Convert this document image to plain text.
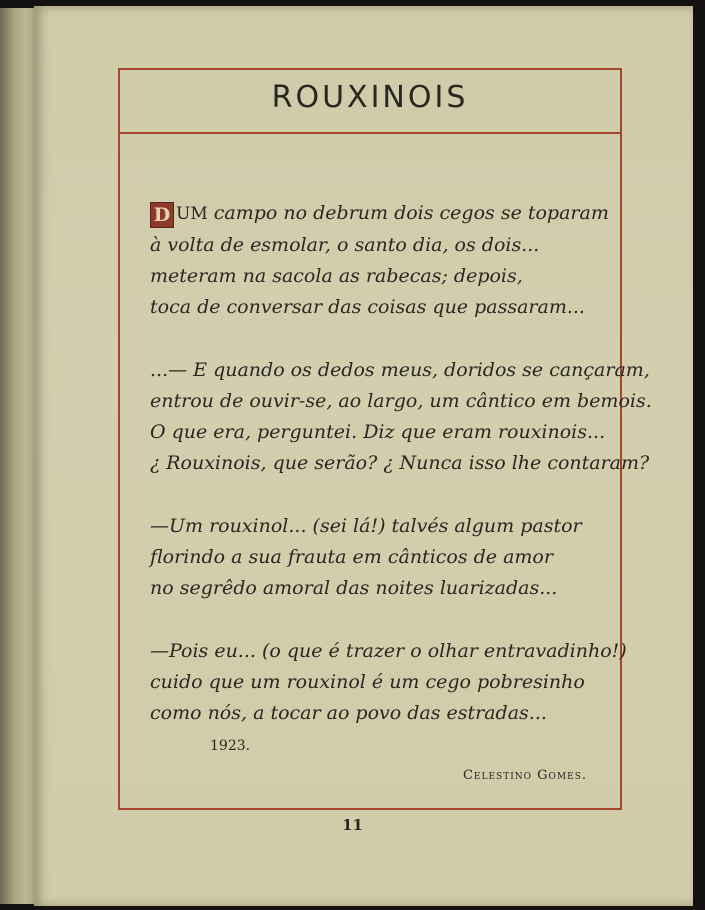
ROUXINOIS
D UM campo no debrum dois cegos se toparam
à volta de esmolar, o santo dia, os dois...
meteram na sacola as rabecas; depois,
toca de conversar das coisas que passaram...
...— E quando os dedos meus, doridos se cançaram,
entrou de ouvir-se, ao largo, um cântico em bemois.
O que era, perguntei. Diz que eram rouxinois...
¿ Rouxinois, que serão? ¿ Nunca isso lhe contaram?
—Um rouxinol... (sei lá!) talvés algum pastor
florindo a sua frauta em cânticos de amor
no segrêdo amoral das noites luarizadas...
—Pois eu... (o que é trazer o olhar entravadinho!)
cuido que um rouxinol é um cego pobresinho
como nós, a tocar ao povo das estradas...
1923.
Celestino Gomes.
11
